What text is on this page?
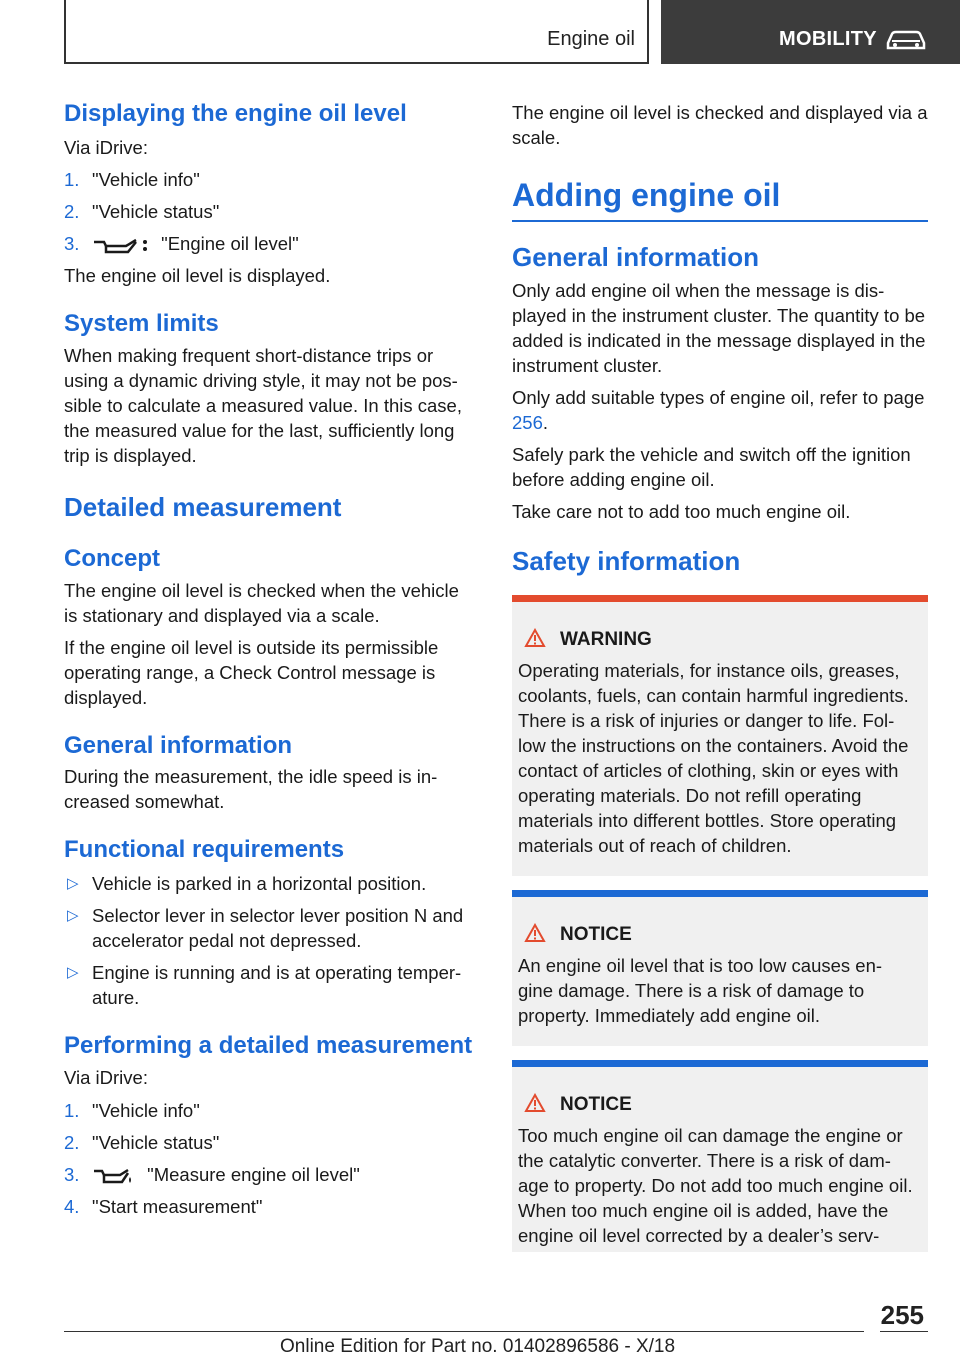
Engine oil	MOBILITY
Displaying the engine oil level

Via iDrive:

1. "Vehicle info"
2. "Vehicle status"
3.	"Engine oil level"

The engine oil level is displayed.

System limits

When making frequent short-distance trips or using a dynamic driving style, it may not be pos- sible to calculate a measured value. In this case, the measured value for the last, sufficiently long trip is displayed.

Detailed measurement
Concept

The engine oil level is checked when the vehicle is stationary and displayed via a scale.

If the engine oil level is outside its permissible operating range, a Check Control message is displayed.

General information

During the measurement, the idle speed is in- creased somewhat.

Functional requirements
▷ Vehicle is parked in a horizontal position.
▷ Selector lever in selector lever position N and accelerator pedal not depressed.
▷ Engine is running and is at operating temper- ature.
Performing a detailed measurement

Via iDrive:

1. "Vehicle info"
2. "Vehicle status"
3.	"Measure engine oil level"
4. "Start measurement"

The engine oil level is checked and displayed via a scale.

Adding engine oil
General information

Only add engine oil when the message is dis- played in the instrument cluster. The quantity to be added is indicated in the message displayed in the instrument cluster.

Only add suitable types of engine oil, refer to page 256.

Safely park the vehicle and switch off the ignition before adding engine oil.

Take care not to add too much engine oil.

Safety information
WARNING

Operating materials, for instance oils, greases, coolants, fuels, can contain harmful ingredients. There is a risk of injuries or danger to life. Fol- low the instructions on the containers. Avoid the contact of articles of clothing, skin or eyes with operating materials. Do not refill operating materials into different bottles. Store operating materials out of reach of children.

NOTICE

An engine oil level that is too low causes en- gine damage. There is a risk of damage to property. Immediately add engine oil.

NOTICE

Too much engine oil can damage the engine or the catalytic converter. There is a risk of dam- age to property. Do not add too much engine oil. When too much engine oil is added, have the engine oil level corrected by a dealer’s serv-

255
Online Edition for Part no. 01402896586 - X/18
